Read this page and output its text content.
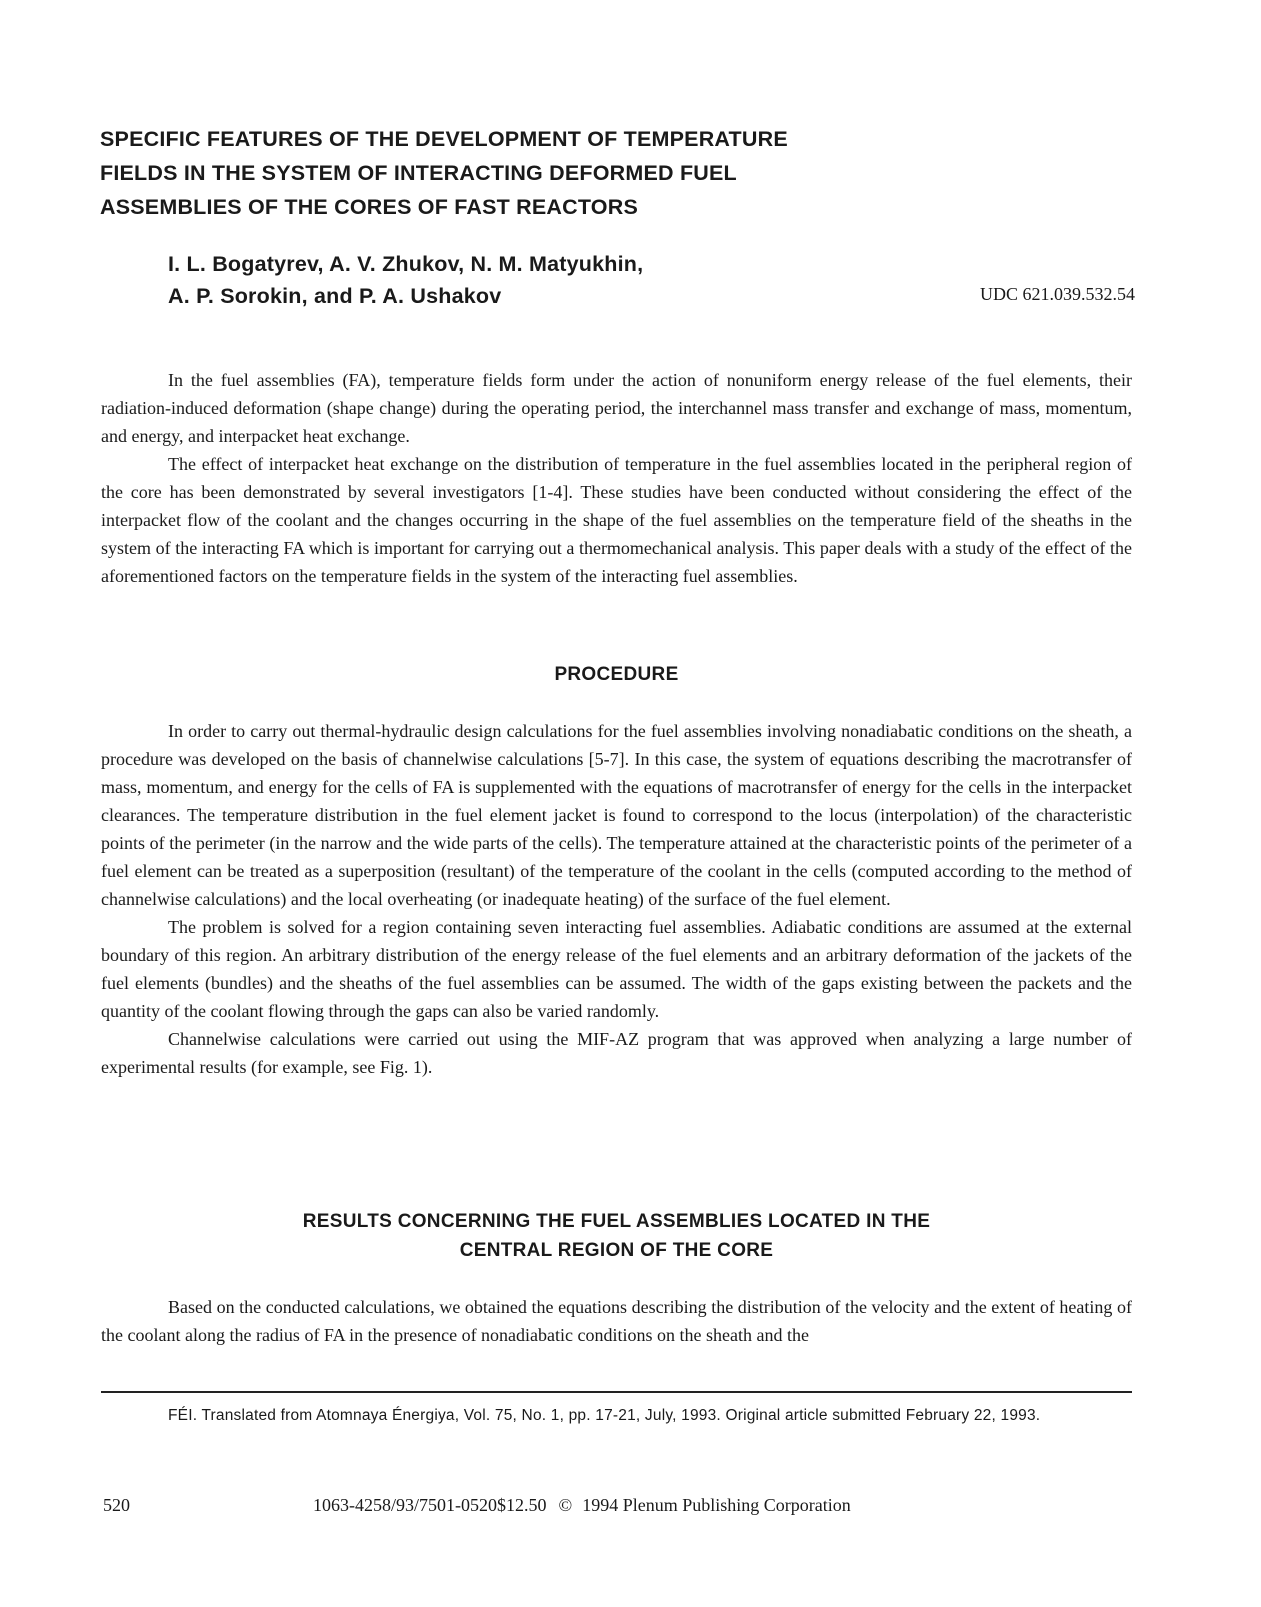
SPECIFIC FEATURES OF THE DEVELOPMENT OF TEMPERATURE
FIELDS IN THE SYSTEM OF INTERACTING DEFORMED FUEL
ASSEMBLIES OF THE CORES OF FAST REACTORS
I. L. Bogatyrev, A. V. Zhukov, N. M. Matyukhin,
A. P. Sorokin, and P. A. Ushakov	UDC 621.039.532.54

In the fuel assemblies (FA), temperature fields form under the action of nonuniform energy release of the fuel elements, their radiation-induced deformation (shape change) during the operating period, the interchannel mass transfer and exchange of mass, momentum, and energy, and interpacket heat exchange.

The effect of interpacket heat exchange on the distribution of temperature in the fuel assemblies located in the peripheral region of the core has been demonstrated by several investigators [1-4]. These studies have been conducted without considering the effect of the interpacket flow of the coolant and the changes occurring in the shape of the fuel assemblies on the temperature field of the sheaths in the system of the interacting FA which is important for carrying out a thermomechanical analysis. This paper deals with a study of the effect of the aforementioned factors on the temperature fields in the system of the interacting fuel assemblies.

PROCEDURE

In order to carry out thermal-hydraulic design calculations for the fuel assemblies involving nonadiabatic conditions on the sheath, a procedure was developed on the basis of channelwise calculations [5-7]. In this case, the system of equations describing the macrotransfer of mass, momentum, and energy for the cells of FA is supplemented with the equations of macrotransfer of energy for the cells in the interpacket clearances. The temperature distribution in the fuel element jacket is found to correspond to the locus (interpolation) of the characteristic points of the perimeter (in the narrow and the wide parts of the cells). The temperature attained at the characteristic points of the perimeter of a fuel element can be treated as a superposition (resultant) of the temperature of the coolant in the cells (computed according to the method of channelwise calculations) and the local overheating (or inadequate heating) of the surface of the fuel element.

The problem is solved for a region containing seven interacting fuel assemblies. Adiabatic conditions are assumed at the external boundary of this region. An arbitrary distribution of the energy release of the fuel elements and an arbitrary deformation of the jackets of the fuel elements (bundles) and the sheaths of the fuel assemblies can be assumed. The width of the gaps existing between the packets and the quantity of the coolant flowing through the gaps can also be varied randomly.

Channelwise calculations were carried out using the MIF-AZ program that was approved when analyzing a large number of experimental results (for example, see Fig. 1).

RESULTS CONCERNING THE FUEL ASSEMBLIES LOCATED IN THE
CENTRAL REGION OF THE CORE

Based on the conducted calculations, we obtained the equations describing the distribution of the velocity and the extent of heating of the coolant along the radius of FA in the presence of nonadiabatic conditions on the sheath and the

FÉI. Translated from Atomnaya Énergiya, Vol. 75, No. 1, pp. 17-21, July, 1993. Original article submitted February 22, 1993.

520	1063-4258/93/7501-0520$12.50 © 1994 Plenum Publishing Corporation
